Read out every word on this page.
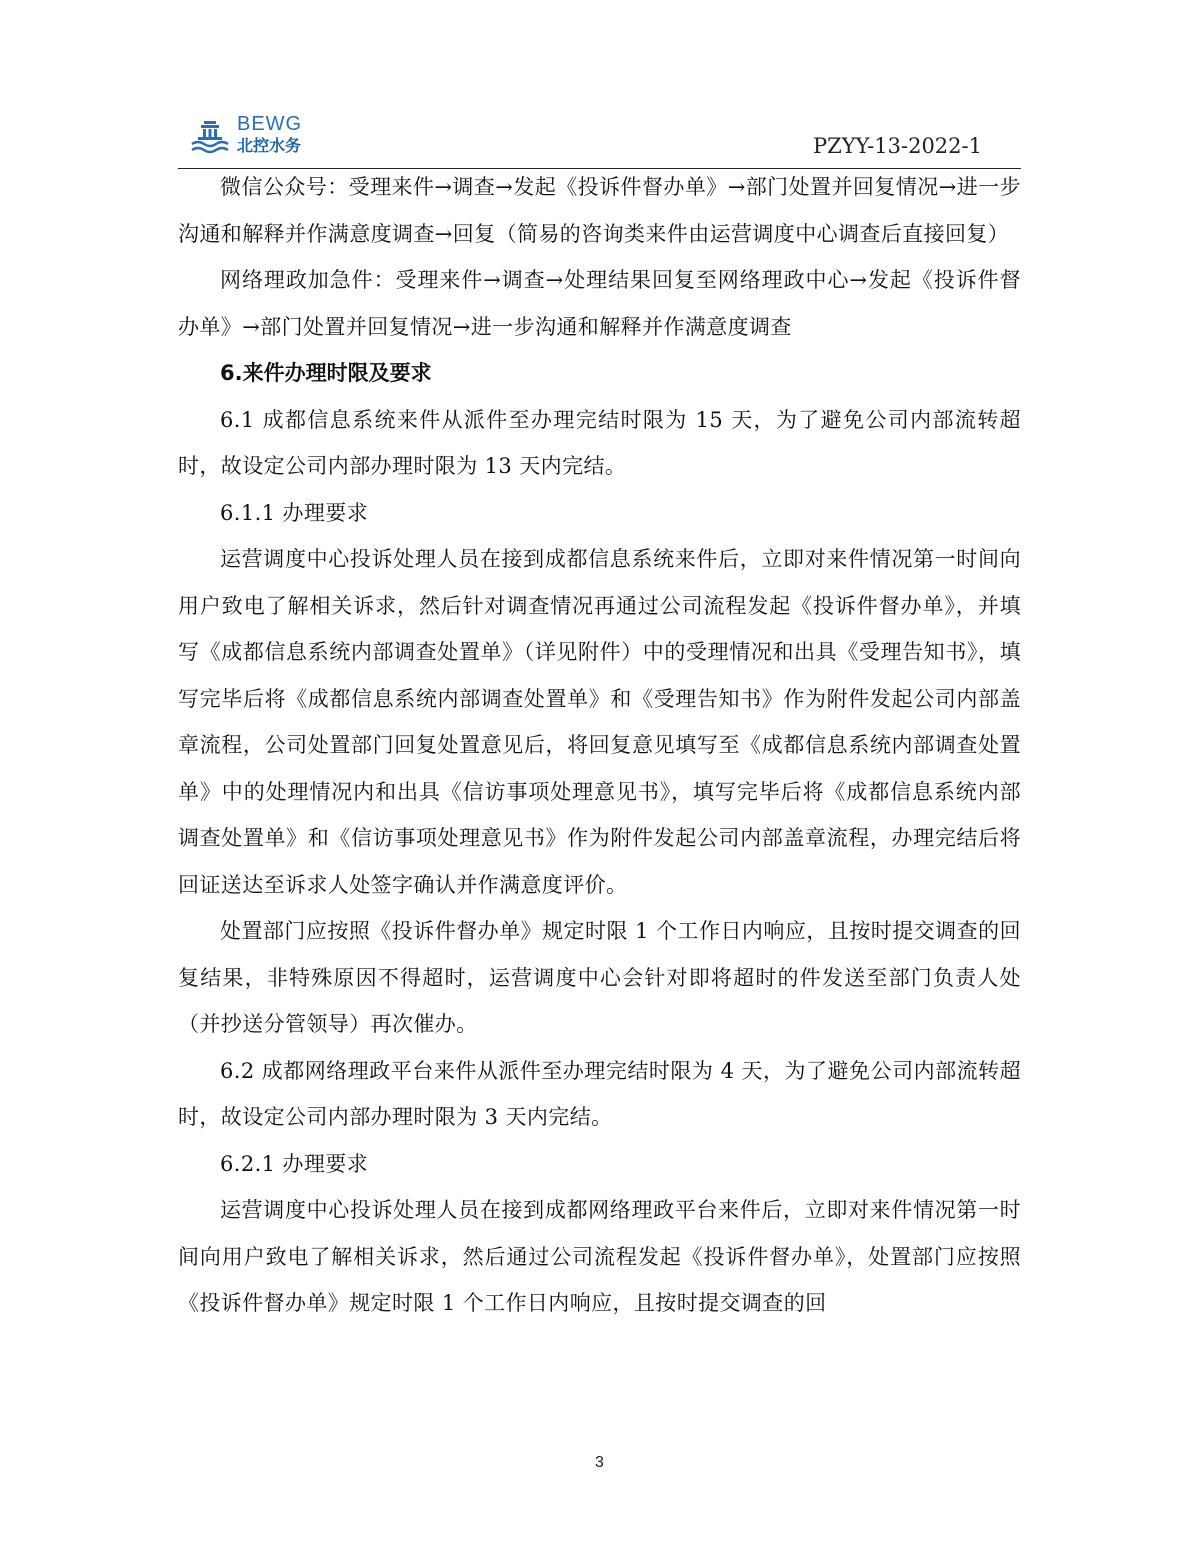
BEWG
北控水务	PZYY-13-2022-1

微信公众号：受理来件→调查→发起《投诉件督办单》→部门处置并回复情况→进一步沟通和解释并作满意度调查→回复（简易的咨询类来件由运营调度中心调查后直接回复）

网络理政加急件：受理来件→调查→处理结果回复至网络理政中心→发起《投诉件督办单》→部门处置并回复情况→进一步沟通和解释并作满意度调查

6.来件办理时限及要求

6.1 成都信息系统来件从派件至办理完结时限为 15 天，为了避免公司内部流转超时，故设定公司内部办理时限为 13 天内完结。

6.1.1 办理要求

运营调度中心投诉处理人员在接到成都信息系统来件后，立即对来件情况第一时间向用户致电了解相关诉求，然后针对调查情况再通过公司流程发起《投诉件督办单》，并填写《成都信息系统内部调查处置单》（详见附件）中的受理情况和出具《受理告知书》，填写完毕后将《成都信息系统内部调查处置单》和《受理告知书》作为附件发起公司内部盖章流程，公司处置部门回复处置意见后，将回复意见填写至《成都信息系统内部调查处置单》中的处理情况内和出具《信访事项处理意见书》，填写完毕后将《成都信息系统内部调查处置单》和《信访事项处理意见书》作为附件发起公司内部盖章流程，办理完结后将回证送达至诉求人处签字确认并作满意度评价。

处置部门应按照《投诉件督办单》规定时限 1 个工作日内响应，且按时提交调查的回复结果，非特殊原因不得超时，运营调度中心会针对即将超时的件发送至部门负责人处（并抄送分管领导）再次催办。

6.2 成都网络理政平台来件从派件至办理完结时限为 4 天，为了避免公司内部流转超时，故设定公司内部办理时限为 3 天内完结。

6.2.1 办理要求

运营调度中心投诉处理人员在接到成都网络理政平台来件后，立即对来件情况第一时间向用户致电了解相关诉求，然后通过公司流程发起《投诉件督办单》，处置部门应按照《投诉件督办单》规定时限 1 个工作日内响应，且按时提交调查的回

3
